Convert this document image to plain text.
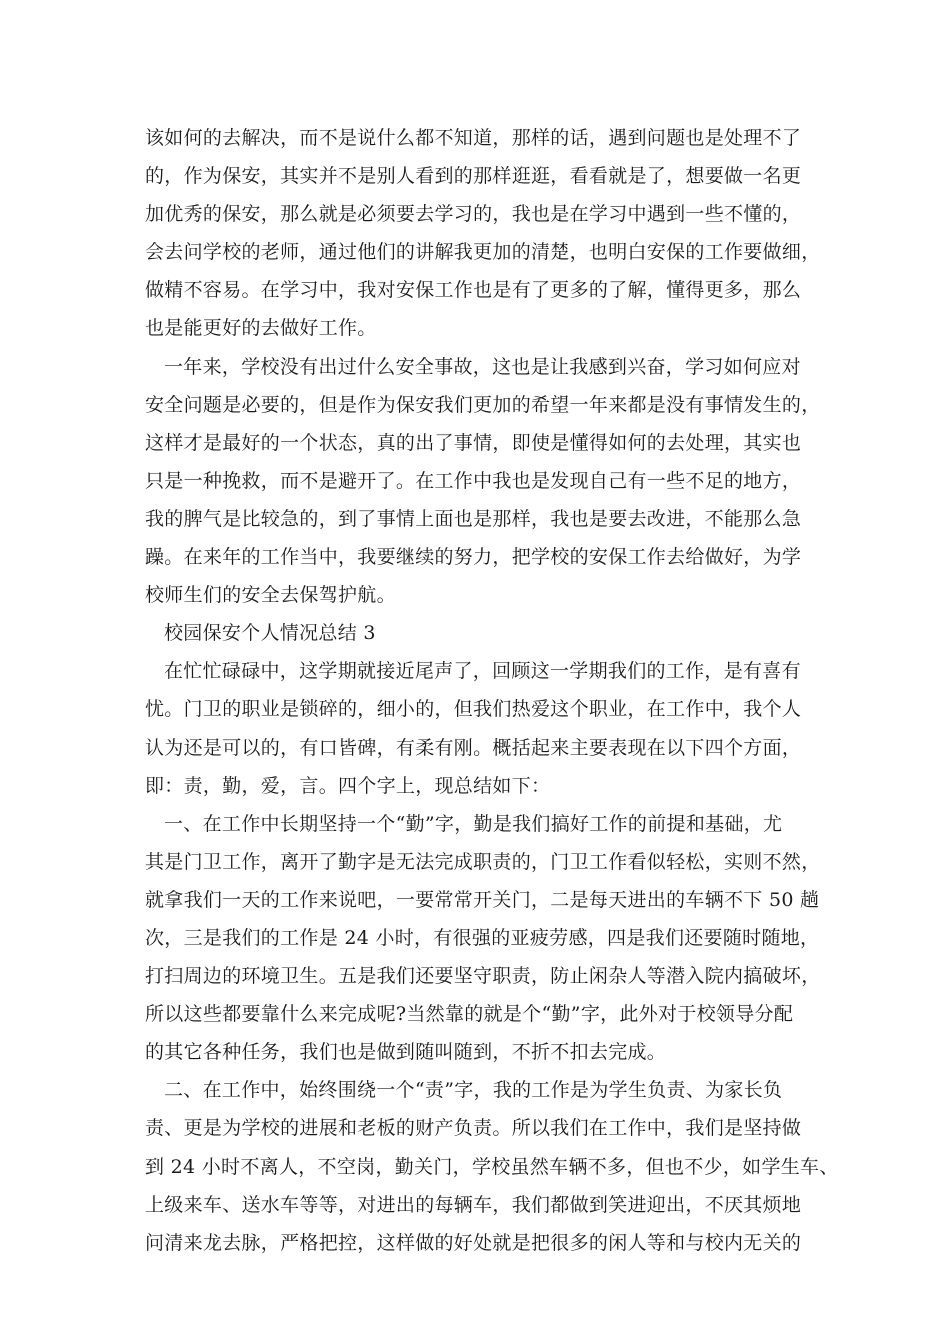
该如何的去解决，而不是说什么都不知道，那样的话，遇到问题也是处理不了
的，作为保安，其实并不是别人看到的那样逛逛，看看就是了，想要做一名更
加优秀的保安，那么就是必须要去学习的，我也是在学习中遇到一些不懂的，
会去问学校的老师，通过他们的讲解我更加的清楚，也明白安保的工作要做细，
做精不容易。在学习中，我对安保工作也是有了更多的了解，懂得更多，那么
也是能更好的去做好工作。
一年来，学校没有出过什么安全事故，这也是让我感到兴奋，学习如何应对
安全问题是必要的，但是作为保安我们更加的希望一年来都是没有事情发生的，
这样才是最好的一个状态，真的出了事情，即使是懂得如何的去处理，其实也
只是一种挽救，而不是避开了。在工作中我也是发现自己有一些不足的地方，
我的脾气是比较急的，到了事情上面也是那样，我也是要去改进，不能那么急
躁。在来年的工作当中，我要继续的努力，把学校的安保工作去给做好，为学
校师生们的安全去保驾护航。
校园保安个人情况总结 3
在忙忙碌碌中，这学期就接近尾声了，回顾这一学期我们的工作，是有喜有
忧。门卫的职业是锁碎的，细小的，但我们热爱这个职业，在工作中，我个人
认为还是可以的，有口皆碑，有柔有刚。概括起来主要表现在以下四个方面，
即：责，勤，爱，言。四个字上，现总结如下：
一、在工作中长期坚持一个“勤”字，勤是我们搞好工作的前提和基础，尤
其是门卫工作，离开了勤字是无法完成职责的，门卫工作看似轻松，实则不然，
就拿我们一天的工作来说吧，一要常常开关门，二是每天进出的车辆不下 50 趟
次，三是我们的工作是 24 小时，有很强的亚疲劳感，四是我们还要随时随地，
打扫周边的环境卫生。五是我们还要坚守职责，防止闲杂人等潜入院内搞破坏，
所以这些都要靠什么来完成呢?当然靠的就是个“勤”字，此外对于校领导分配
的其它各种任务，我们也是做到随叫随到，不折不扣去完成。
二、在工作中，始终围绕一个“责”字，我的工作是为学生负责、为家长负
责、更是为学校的进展和老板的财产负责。所以我们在工作中，我们是坚持做
到 24 小时不离人，不空岗，勤关门，学校虽然车辆不多，但也不少，如学生车、
上级来车、送水车等等，对进出的每辆车，我们都做到笑进迎出，不厌其烦地
问清来龙去脉，严格把控，这样做的好处就是把很多的闲人等和与校内无关的
